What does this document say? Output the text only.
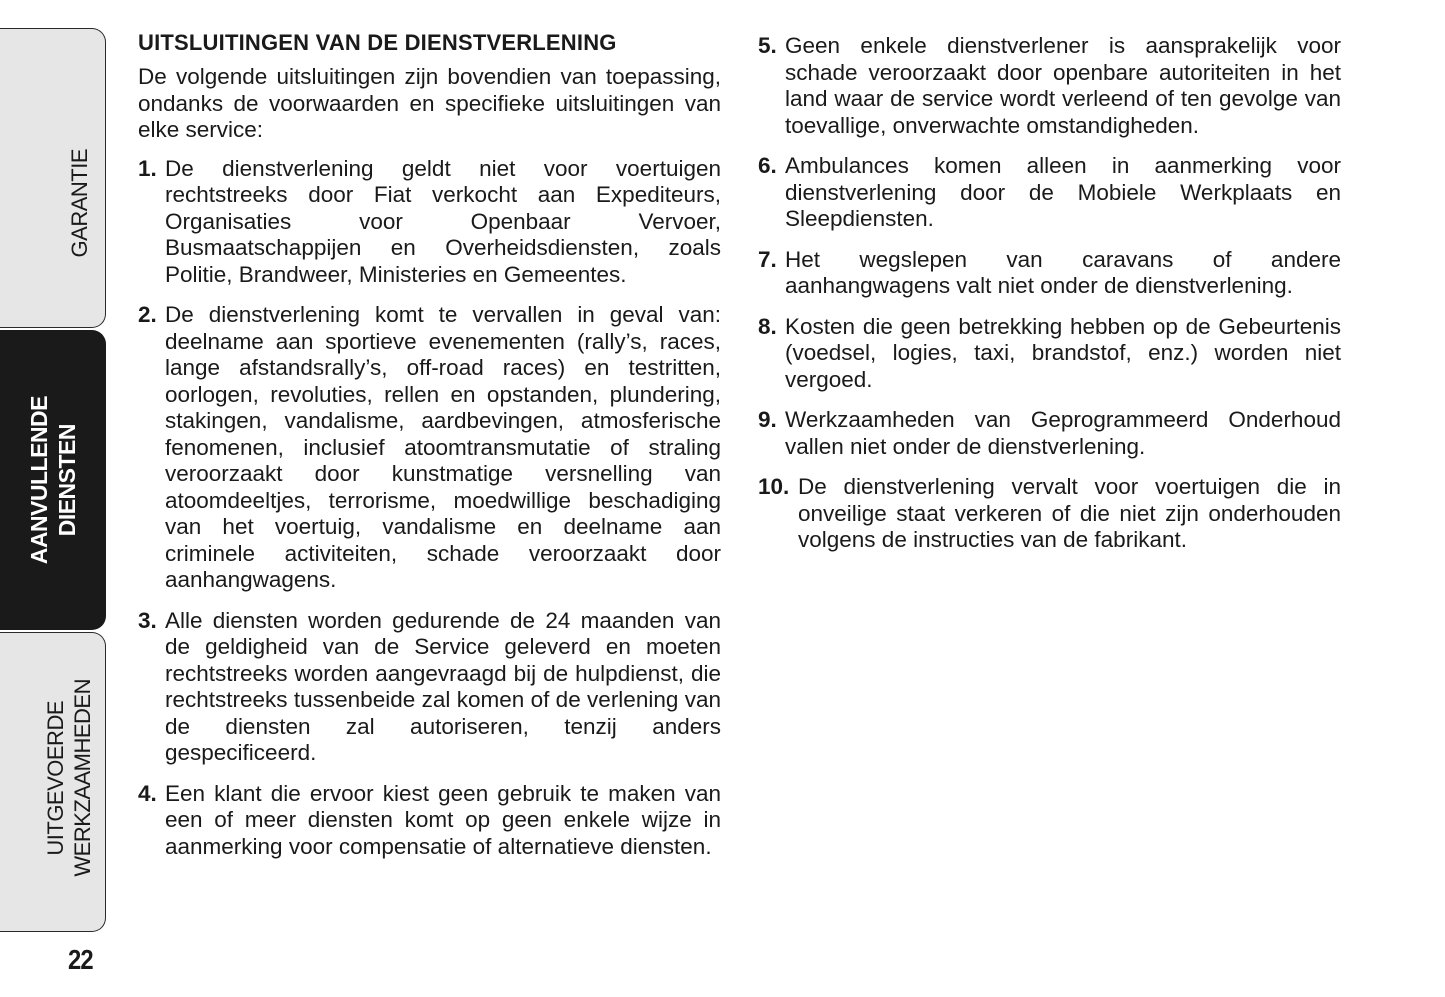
GARANTIE
AANVULLENDE
DIENSTEN
UITGEVOERDE
WERKZAAMHEDEN
22
UITSLUITINGEN VAN DE DIENSTVERLENING
De volgende uitsluitingen zijn bovendien van toepassing, ondanks de voorwaarden en specifieke uitsluitingen van elke service:
1. De dienstverlening geldt niet voor voertuigen rechtstreeks door Fiat verkocht aan Expediteurs, Organisaties voor Openbaar Vervoer, Busmaatschappijen en Overheidsdiensten, zoals Politie, Brandweer, Ministeries en Gemeentes.
2. De dienstverlening komt te vervallen in geval van: deelname aan sportieve evenementen (rally’s, races, lange afstandsrally’s, off-road races) en testritten, oorlogen, revoluties, rellen en opstanden, plundering, stakingen, vandalisme, aardbevingen, atmosferische fenomenen, inclusief atoomtransmutatie of straling veroorzaakt door kunstmatige versnelling van atoomdeeltjes, terrorisme, moedwillige beschadiging van het voertuig, vandalisme en deelname aan criminele activiteiten, schade veroorzaakt door aanhangwagens.
3. Alle diensten worden gedurende de 24 maanden van de geldigheid van de Service geleverd en moeten rechtstreeks worden aangevraagd bij de hulpdienst, die rechtstreeks tussenbeide zal komen of de verlening van de diensten zal autoriseren, tenzij anders gespecificeerd.
4. Een klant die ervoor kiest geen gebruik te maken van een of meer diensten komt op geen enkele wijze in aanmerking voor compensatie of alternatieve diensten.
5. Geen enkele dienstverlener is aansprakelijk voor schade veroorzaakt door openbare autoriteiten in het land waar de service wordt verleend of ten gevolge van toevallige, onverwachte omstandigheden.
6. Ambulances komen alleen in aanmerking voor dienstverlening door de Mobiele Werkplaats en Sleepdiensten.
7. Het wegslepen van caravans of andere aanhangwagens valt niet onder de dienstverlening.
8. Kosten die geen betrekking hebben op de Gebeurtenis (voedsel, logies, taxi, brandstof, enz.) worden niet vergoed.
9. Werkzaamheden van Geprogrammeerd Onderhoud vallen niet onder de dienstverlening.
10. De dienstverlening vervalt voor voertuigen die in onveilige staat verkeren of die niet zijn onderhouden volgens de instructies van de fabrikant.
